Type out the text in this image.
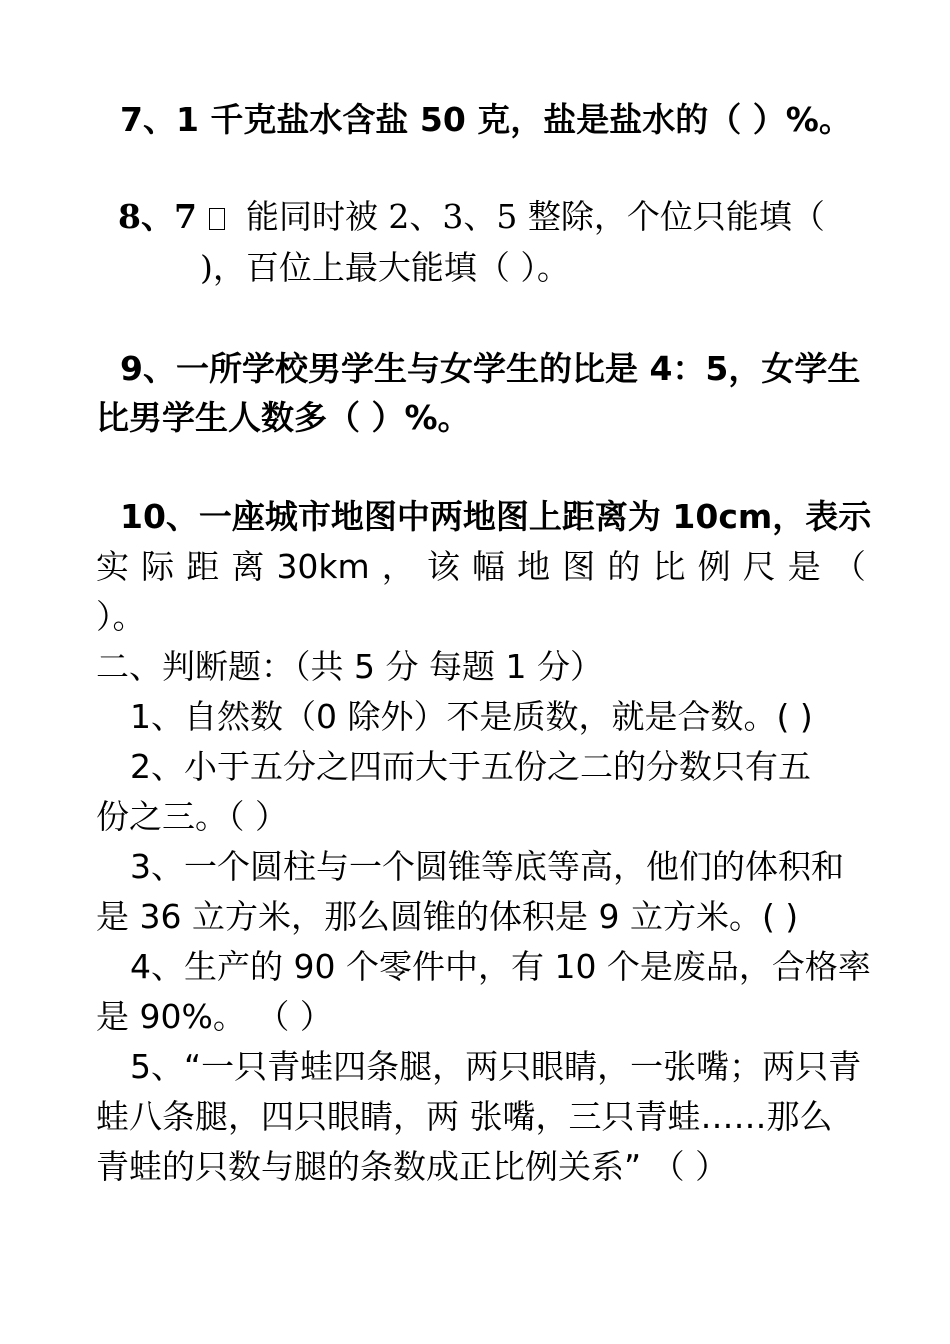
7、1 千克盐水含盐 50 克，盐是盐水的（ ）%。
8、7 能同时被 2、3、5 整除，个位只能填（
)，百位上最大能填（ ）。
9、一所学校男学生与女学生的比是 4：5，女学生
比男学生人数多（ ）%。
10、一座城市地图中两地图上距离为 10cm，表示
实 际 距 离 30km ， 该 幅 地 图 的 比 例 尺 是 （
）。
二、判断题：（共 5 分 每题 1 分）
1、自然数（0 除外）不是质数，就是合数。( )
2、小于五分之四而大于五份之二的分数只有五
份之三。（ ）
3、一个圆柱与一个圆锥等底等高，他们的体积和
是 36 立方米，那么圆锥的体积是 9 立方米。( )
4、生产的 90 个零件中，有 10 个是废品，合格率
是 90%。 （ ）
5、“一只青蛙四条腿，两只眼睛，一张嘴；两只青
蛙八条腿，四只眼睛，两 张嘴，三只青蛙……那么
青蛙的只数与腿的条数成正比例关系” （ ）
